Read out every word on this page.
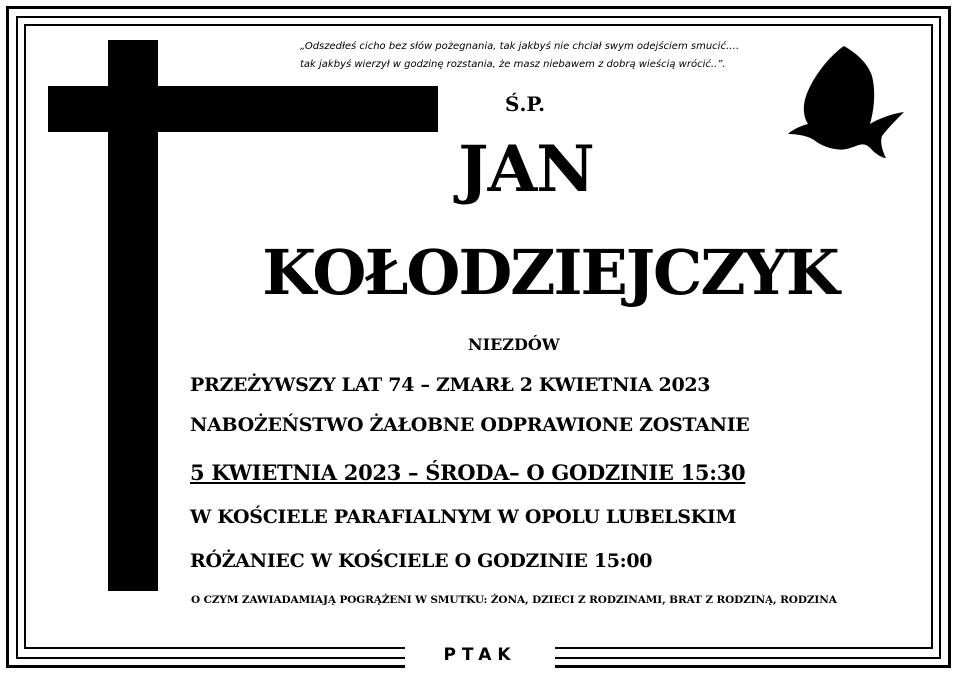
„Odszedłeś cicho bez słów pożegnania, tak jakbyś nie chciał swym odejściem smucić….
tak jakbyś wierzył w godzinę rozstania, że masz niebawem z dobrą wieścią wrócić..”.
Ś.P.
JAN
KOŁODZIEJCZYK
NIEZDÓW
PRZEŻYWSZY LAT 74 – ZMARŁ 2 KWIETNIA 2023
NABOŻEŃSTWO ŻAŁOBNE ODPRAWIONE ZOSTANIE
5 KWIETNIA 2023 – ŚRODA– O GODZINIE 15:30
W KOŚCIELE PARAFIALNYM W OPOLU LUBELSKIM
RÓŻANIEC W KOŚCIELE O GODZINIE 15:00
O CZYM ZAWIADAMIAJĄ POGRĄŻENI W SMUTKU: ŻONA, DZIECI Z RODZINAMI, BRAT Z RODZINĄ, RODZINA
PTAK
